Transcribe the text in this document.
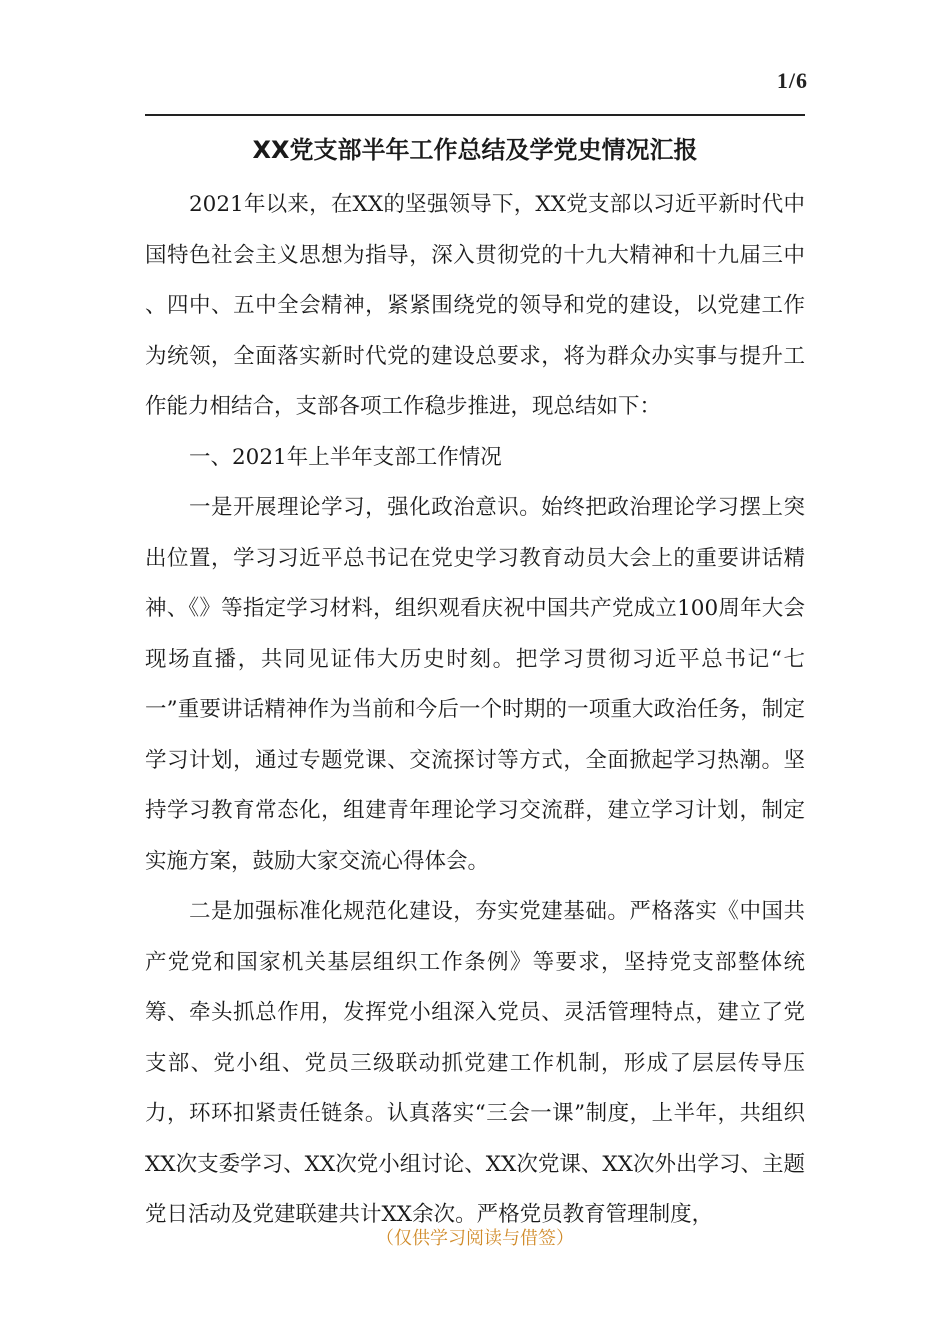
1/6
XX党支部半年工作总结及学党史情况汇报

2021年以来，在XX的坚强领导下，XX党支部以习近平新时代中国特色社会主义思想为指导，深入贯彻党的十九大精神和十九届三中 、四中、五中全会精神，紧紧围绕党的领导和党的建设，以党建工作为统领，全面落实新时代党的建设总要求，将为群众办实事与提升工作能力相结合，支部各项工作稳步推进，现总结如下：

一、2021年上半年支部工作情况

一是开展理论学习，强化政治意识。始终把政治理论学习摆上突出位置，学习习近平总书记在党史学习教育动员大会上的重要讲话精神、《》等指定学习材料，组织观看庆祝中国共产党成立100周年大会现场直播，共同见证伟大历史时刻。把学习贯彻习近平总书记“七一”重要讲话精神作为当前和今后一个时期的一项重大政治任务，制定学习计划，通过专题党课、交流探讨等方式，全面掀起学习热潮。坚持学习教育常态化，组建青年理论学习交流群，建立学习计划，制定实施方案，鼓励大家交流心得体会。

二是加强标准化规范化建设，夯实党建基础。严格落实《中国共产党党和国家机关基层组织工作条例》等要求，坚持党支部整体统筹、牵头抓总作用，发挥党小组深入党员、灵活管理特点，建立了党支部、党小组、党员三级联动抓党建工作机制，形成了层层传导压力，环环扣紧责任链条。认真落实“三会一课”制度，上半年，共组织XX次支委学习、XX次党小组讨论、XX次党课、XX次外出学习、主题党日活动及党建联建共计XX余次。严格党员教育管理制度，

（仅供学习阅读与借签）
